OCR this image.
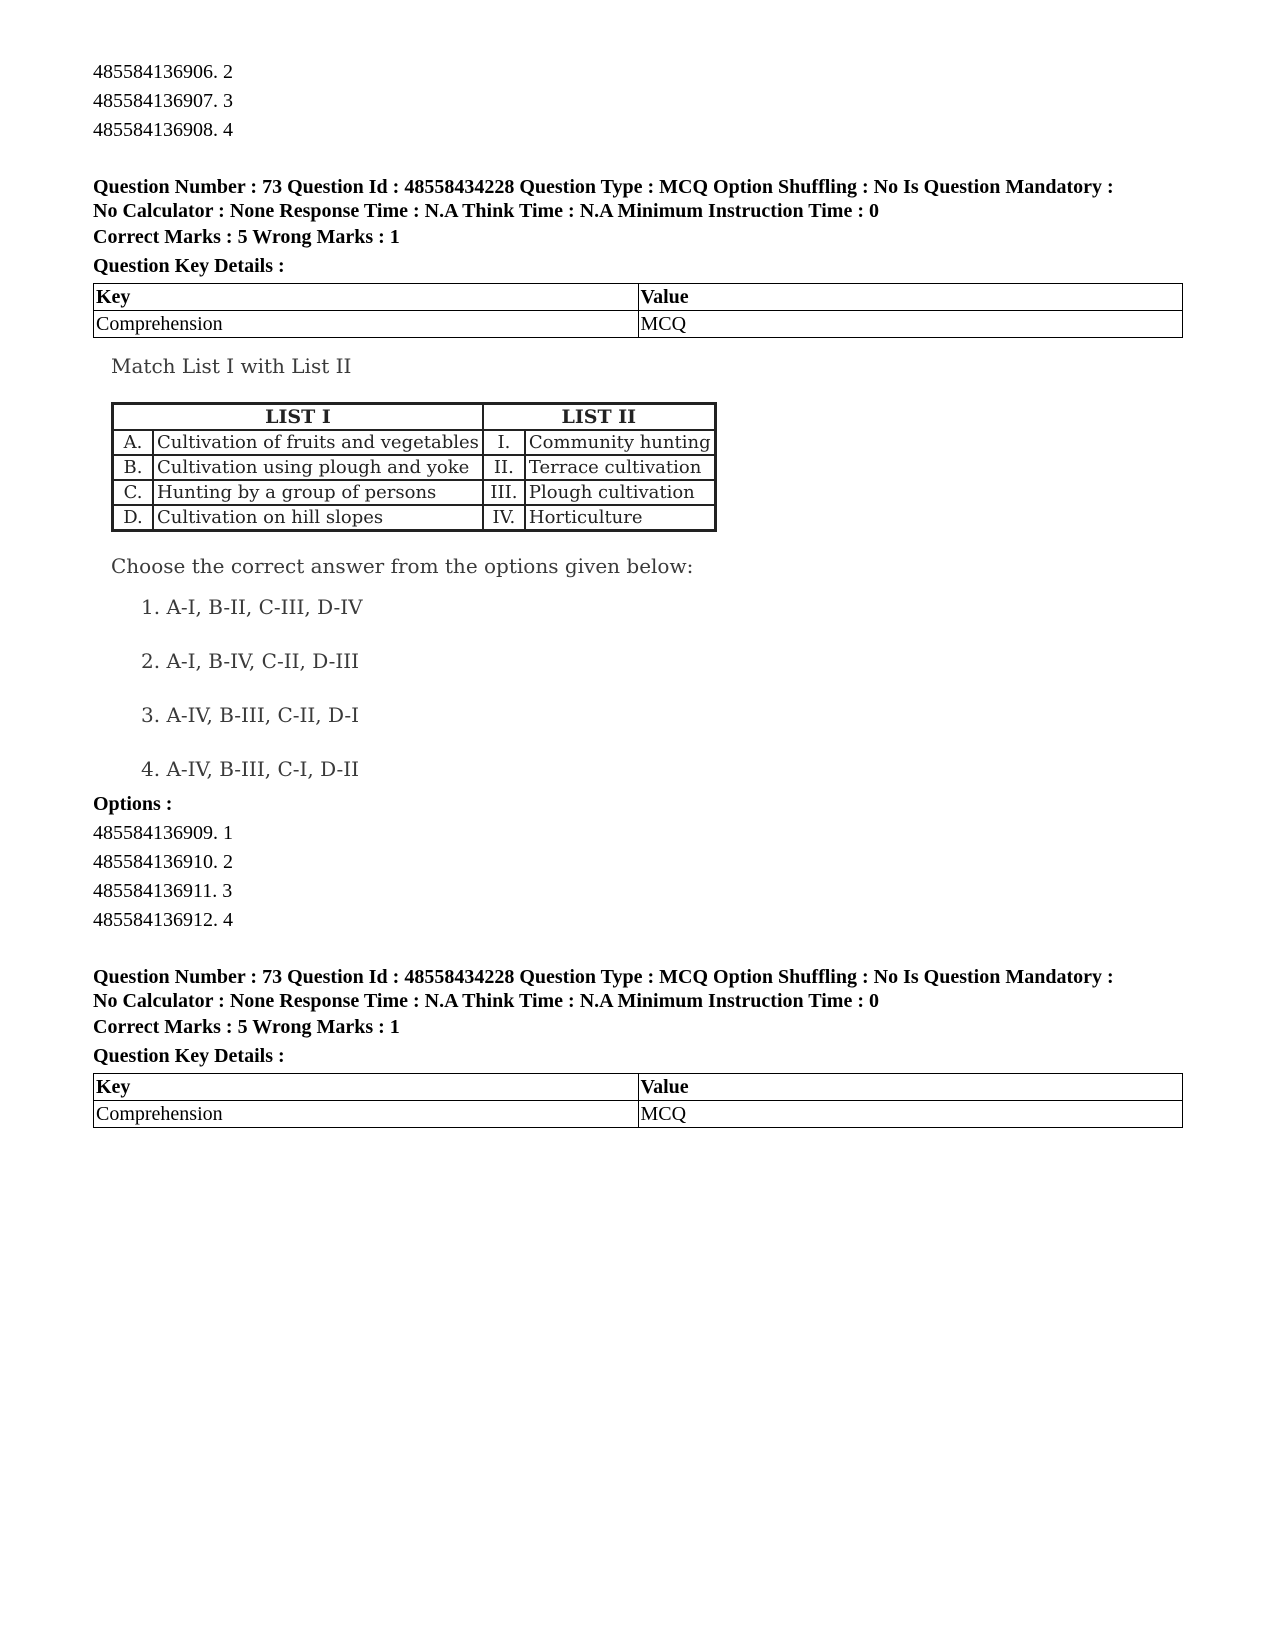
485584136906. 2

485584136907. 3

485584136908. 4

Question Number : 73 Question Id : 48558434228 Question Type : MCQ Option Shuffling : No Is Question Mandatory :

No Calculator : None Response Time : N.A Think Time : N.A Minimum Instruction Time : 0

Correct Marks : 5 Wrong Marks : 1

Question Key Details :

Key	Value
Comprehension	MCQ

Match List I with List II

LIST I		LIST II	
A.	Cultivation of fruits and vegetables	I.	Community hunting
B.	Cultivation using plough and yoke	II.	Terrace cultivation
C.	Hunting by a group of persons	III.	Plough cultivation
D.	Cultivation on hill slopes	IV.	Horticulture

Choose the correct answer from the options given below:

1. A-I, B-II, C-III, D-IV

2. A-I, B-IV, C-II, D-III

3. A-IV, B-III, C-II, D-I

4. A-IV, B-III, C-I, D-II

Options :

485584136909. 1

485584136910. 2

485584136911. 3

485584136912. 4

Question Number : 73 Question Id : 48558434228 Question Type : MCQ Option Shuffling : No Is Question Mandatory :

No Calculator : None Response Time : N.A Think Time : N.A Minimum Instruction Time : 0

Correct Marks : 5 Wrong Marks : 1

Question Key Details :

Key	Value
Comprehension	MCQ
